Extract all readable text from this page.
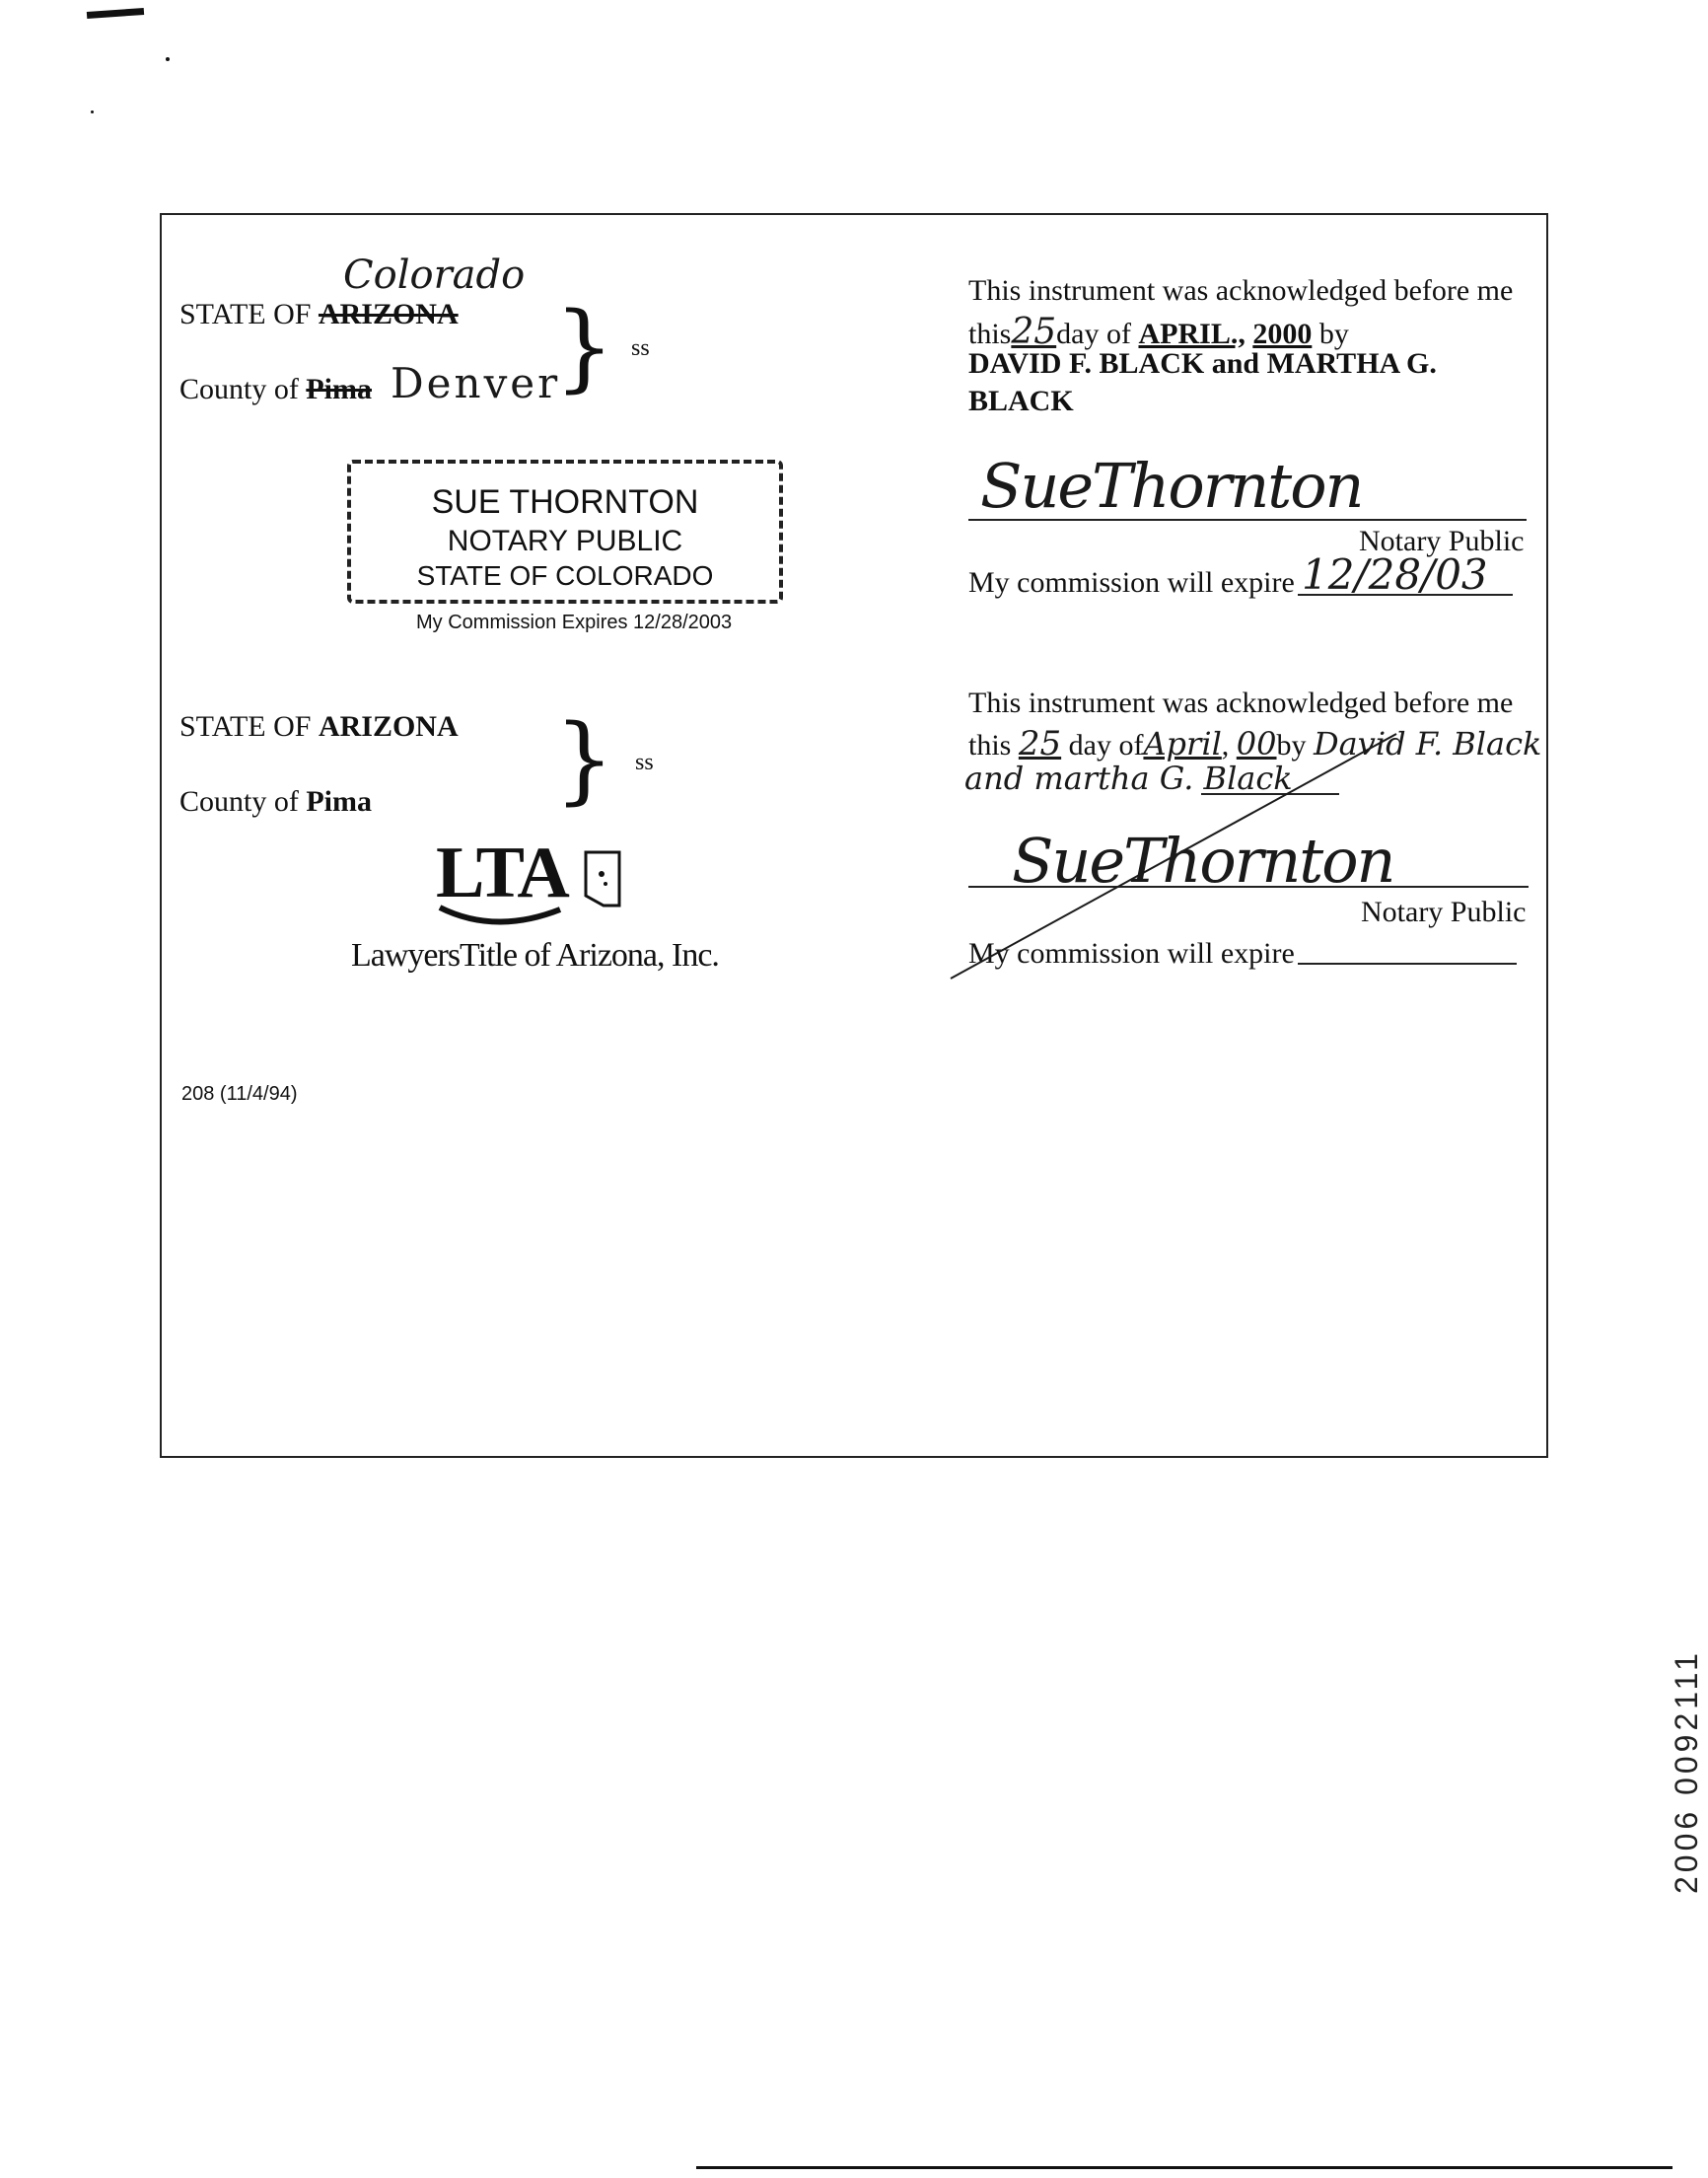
Colorado
STATE OF ARIZONA } ss
County of Pima Denver
This instrument was acknowledged before me
this25day of APRIL., 2000 by
DAVID F. BLACK and MARTHA G.
BLACK
SueThornton
Notary Public
My commission will expire 12/28/03
SUE THORNTON
NOTARY PUBLIC
STATE OF COLORADO
My Commission Expires 12/28/2003
STATE OF ARIZONA } ss
County of Pima
This instrument was acknowledged before me
this 25 day ofApril, 00by David F. Black
and martha G. Black
SueThornton
Notary Public
My commission will expire
LTA
LawyersTitle of Arizona, Inc.
208 (11/4/94)
2006 0092111
